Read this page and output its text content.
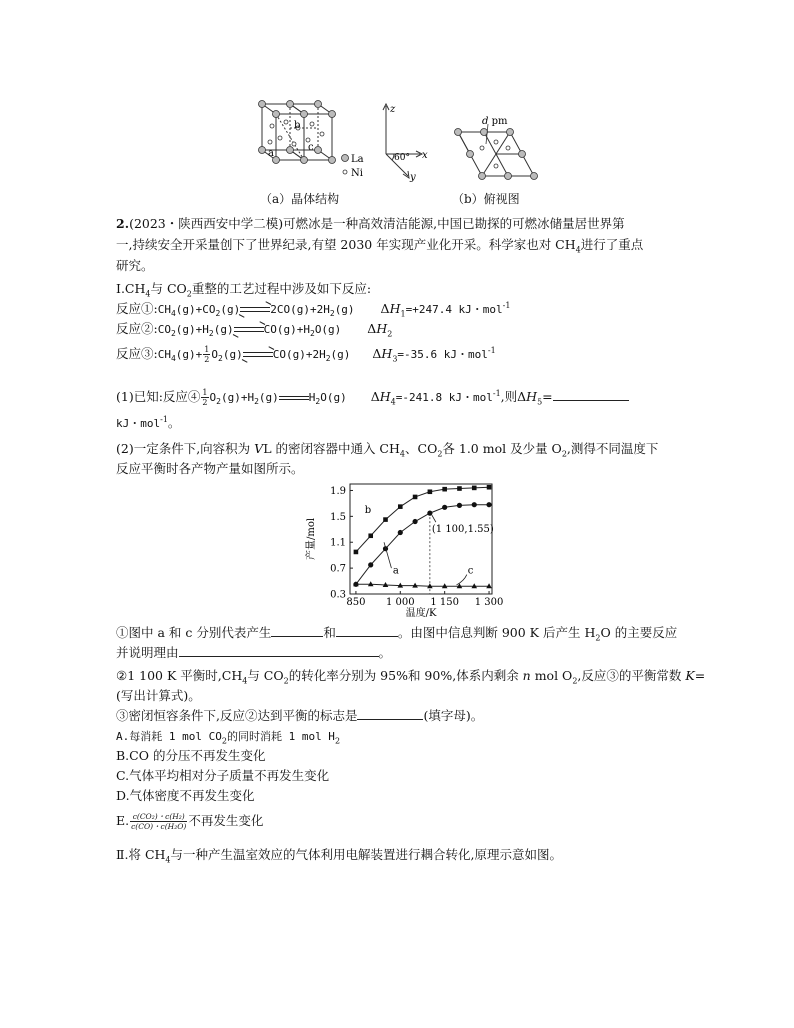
b
a
c
La
Ni
z
x
y
60°
d pm
（a）晶体结构	（b）俯视图
2.(2023・陕西西安中学二模)可燃冰是一种高效清洁能源,中国已勘探的可燃冰储量居世界第
一,持续安全开采量创下了世界纪录,有望 2030 年实现产业化开采。科学家也对 $CH_4$进行了重点
研究。
$Ⅰ.CH_4$与 $CO_2$重整的工艺过程中涉及如下反应:
反应$①:CH_4(g)+CO_2(g)\rightleftharpoons 2CO(g)+2H_2(g)$ $\Delta H_1=+247.4$ kJ・mol$^{-1}$
反应$②:CO_2(g)+H_2(g)\rightleftharpoons CO(g)+H_2O(g)$ $\Delta H_2$
反应$③:CH_4(g)+ \frac{1}{2}$ $O_2(g)\rightleftharpoons CO(g)+2H_2(g)$ $\Delta H_3=-35.6$ kJ・mol$^{-1}$
(1)已知:反应④ $\frac{1}{2} O_2(g)+H_2(g)$	$H_2O(g)$ $\Delta H_4=-241.8$ kJ・mol$^{-1}$,则$\Delta H_5=$
kJ・mol$^{-1}$。
(2)一定条件下,向容积为 VL 的密闭容器中通入 $CH_4$、$CO_2$各 1.0 mol 及少量 $O_2$,测得不同温度下
反应平衡时各产物产量如图所示。
850 1 000 1 150 1 300
0.3
0.7
1.1
1.5
1.9
温度/K
产量/mol
b
a	c
(1 100,1.55)
①图中 a 和 c 分别代表产生	和	。由图中信息判断 900 K 后产生 $H_2O$ 的主要反应
并说明理由	。
②1 100 K 平衡时$,CH_4$与 $CO_2$的转化率分别为 95%和 90%,体系内剩余 n mol $O_2$,反应③的平衡常数 K=
(写出计算式)。
③密闭恒容条件下,反应②达到平衡的标志是	(填字母)。
A.每消耗 1 mol $CO_2$的同时消耗 1 mol $H_2$
B.CO 的分压不再发生变化
C.气体平均相对分子质量不再发生变化
D.气体密度不再发生变化
E. $\frac{\text{c(CO₂)・c(H₂)}}{\text{c(CO)・c(H₂O)}}$ 不再发生变化
Ⅱ.将 $CH_4$与一种产生温室效应的气体利用电解装置进行耦合转化,原理示意如图。
